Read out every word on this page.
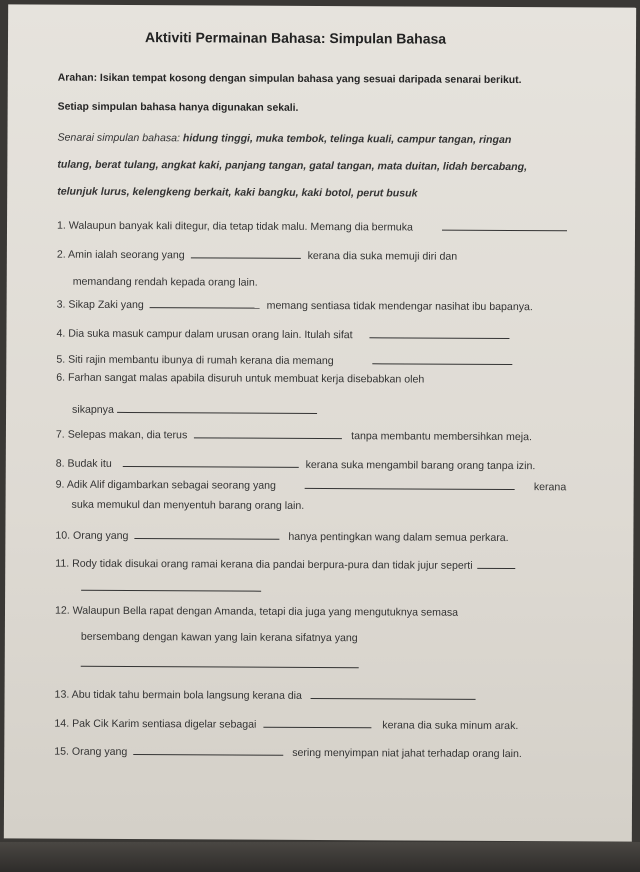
Aktiviti Permainan Bahasa: Simpulan Bahasa
Arahan: Isikan tempat kosong dengan simpulan bahasa yang sesuai daripada senarai berikut.
Setiap simpulan bahasa hanya digunakan sekali.
Senarai simpulan bahasa: hidung tinggi, muka tembok, telinga kuali, campur tangan, ringan
tulang, berat tulang, angkat kaki, panjang tangan, gatal tangan, mata duitan, lidah bercabang,
telunjuk lurus, kelengkeng berkait, kaki bangku, kaki botol, perut busuk
1. Walaupun banyak kali ditegur, dia tetap tidak malu. Memang dia bermuka
2. Amin ialah seorang yang	kerana dia suka memuji diri dan
memandang rendah kepada orang lain.
3. Sikap Zaki yang	memang sentiasa tidak mendengar nasihat ibu bapanya.
4. Dia suka masuk campur dalam urusan orang lain. Itulah sifat
5. Siti rajin membantu ibunya di rumah kerana dia memang
6. Farhan sangat malas apabila disuruh untuk membuat kerja disebabkan oleh
sikapnya
7. Selepas makan, dia terus	tanpa membantu membersihkan meja.
8. Budak itu	kerana suka mengambil barang orang tanpa izin.
9. Adik Alif digambarkan sebagai seorang yang	kerana
suka memukul dan menyentuh barang orang lain.
10. Orang yang	hanya pentingkan wang dalam semua perkara.
11. Rody tidak disukai orang ramai kerana dia pandai berpura-pura dan tidak jujur seperti
12. Walaupun Bella rapat dengan Amanda, tetapi dia juga yang mengutuknya semasa
bersembang dengan kawan yang lain kerana sifatnya yang
13. Abu tidak tahu bermain bola langsung kerana dia
14. Pak Cik Karim sentiasa digelar sebagai	kerana dia suka minum arak.
15. Orang yang	sering menyimpan niat jahat terhadap orang lain.
